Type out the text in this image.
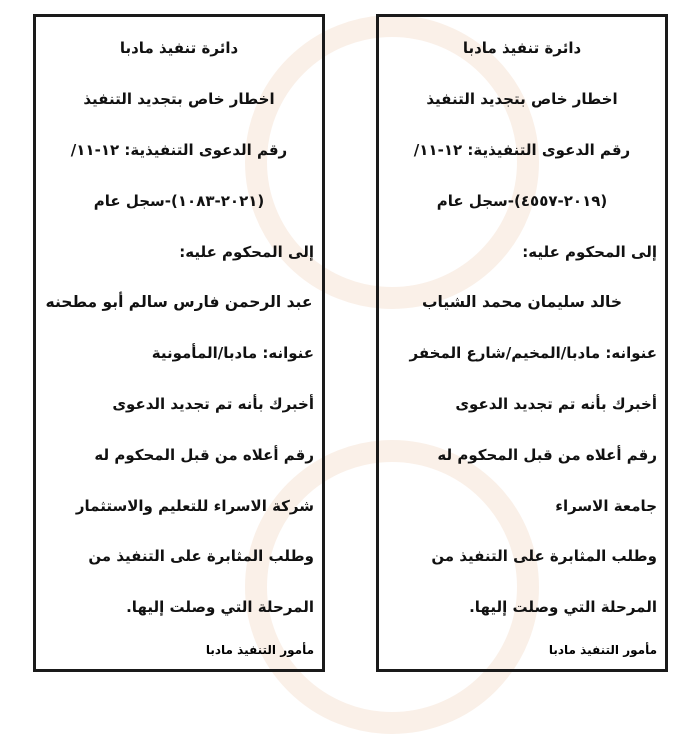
دائرة تنفيذ مادبا
اخطار خاص بتجديد التنفيذ
رقم الدعوى التنفيذية: ١٢-١١/
(٢٠١٩-٤٥٥٧)-سجل عام
إلى المحكوم عليه:
خالد سليمان محمد الشياب
عنوانه: مادبا/المخيم/شارع المخفر
أخبرك بأنه تم تجديد الدعوى
رقم أعلاه من قبل المحكوم له
جامعة الاسراء
وطلب المثابرة على التنفيذ من
المرحلة التي وصلت إليها.
مأمور التنفيذ مادبا
دائرة تنفيذ مادبا
اخطار خاص بتجديد التنفيذ
رقم الدعوى التنفيذية: ١٢-١١/
(٢٠٢١-١٠٨٣)-سجل عام
إلى المحكوم عليه:
عبد الرحمن فارس سالم أبو مطحنه
عنوانه: مادبا/المأمونية
أخبرك بأنه تم تجديد الدعوى
رقم أعلاه من قبل المحكوم له
شركة الاسراء للتعليم والاستثمار
وطلب المثابرة على التنفيذ من
المرحلة التي وصلت إليها.
مأمور التنفيذ مادبا
